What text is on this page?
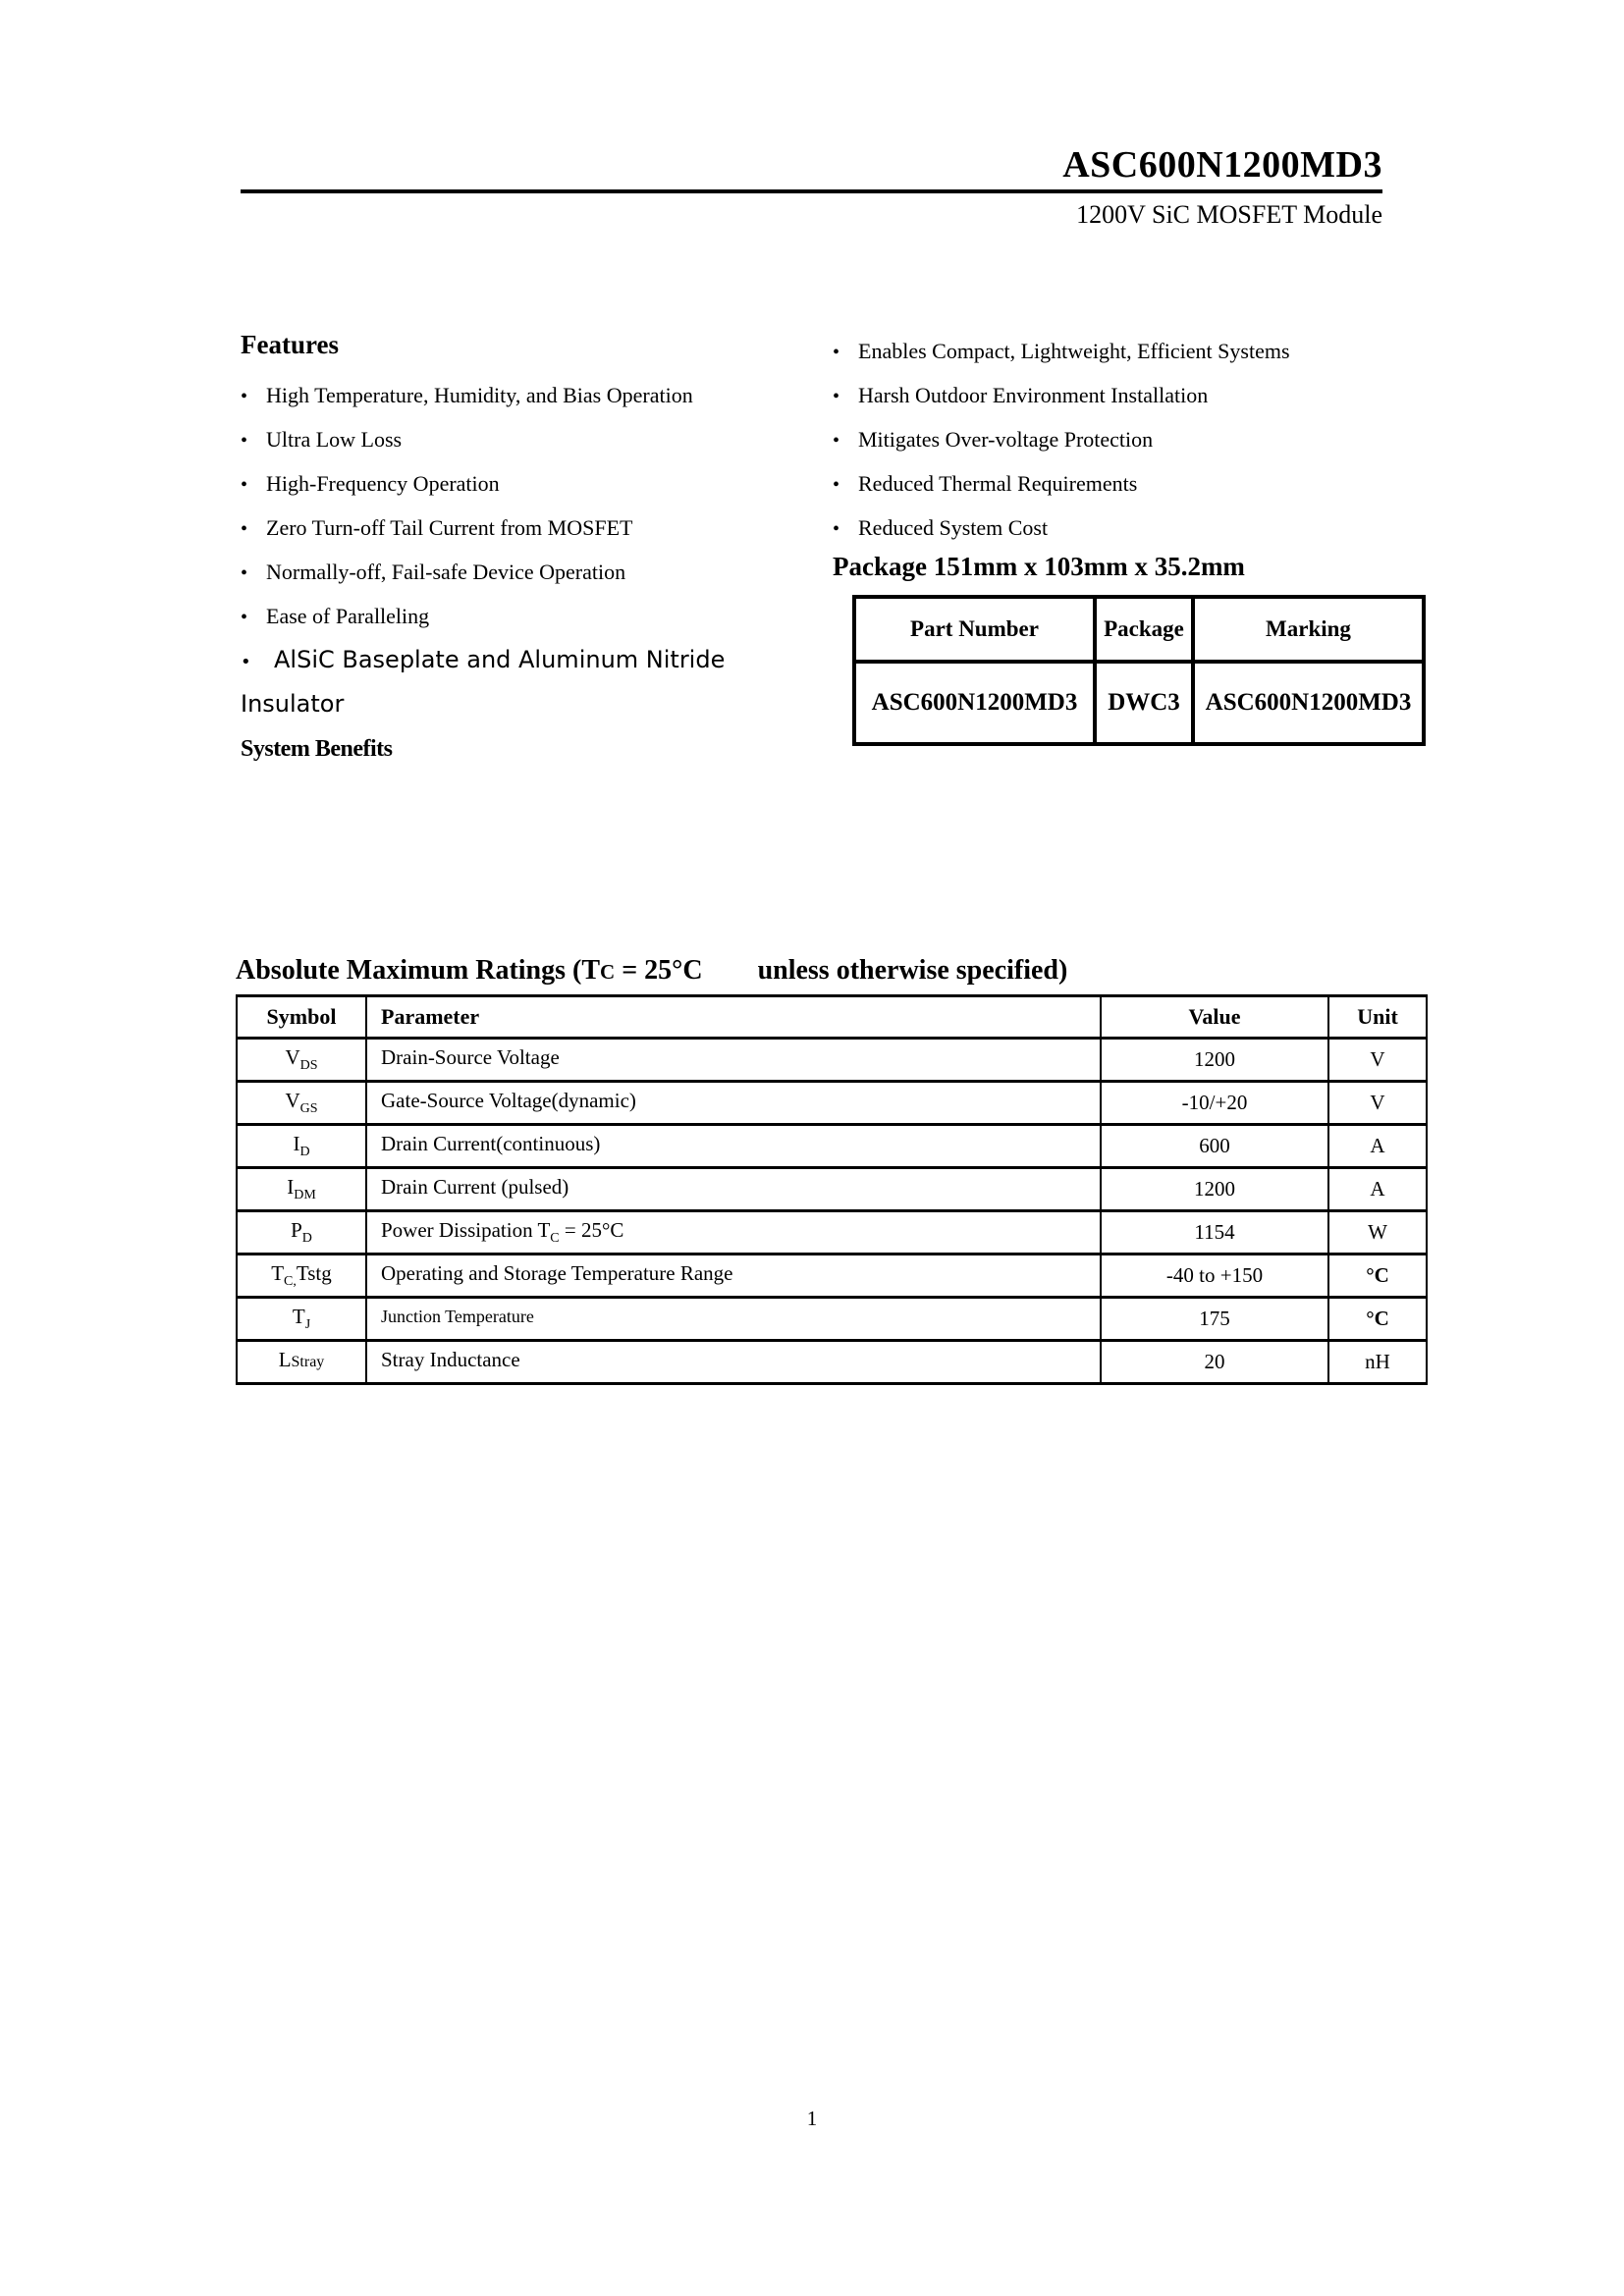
ASC600N1200MD3
1200V SiC MOSFET Module
Features
• High Temperature, Humidity, and Bias Operation
• Ultra Low Loss
• High-Frequency Operation
• Zero Turn-off Tail Current from MOSFET
• Normally-off, Fail-safe Device Operation
• Ease of Paralleling
• AlSiC Baseplate and Aluminum Nitride
Insulator
• Enables Compact, Lightweight, Efficient Systems
• Harsh Outdoor Environment Installation
• Mitigates Over-voltage Protection
• Reduced Thermal Requirements
• Reduced System Cost
Package 151mm x 103mm x 35.2mm
Part Number	Package	Marking
ASC600N1200MD3	DWC3	ASC600N1200MD3
System Benefits
Absolute Maximum Ratings (TC = 25°C unless otherwise specified)
Symbol	Parameter	Value	Unit
$V_{DS}$	Drain-Source Voltage	1200	V
$V_{GS}$	Gate-Source Voltage(dynamic)	-10/+20	V
$I_D$	Drain Current(continuous)	600	A
$I_{DM}$	Drain Current (pulsed)	1200	A
$P_D$	Power Dissipation $T_C = 25^\circ C$	1154	W
$T_{C,}Tstg$	Operating and Storage Temperature Range	-40 to +150	°C
$T_J$	Junction Temperature	175	°C
LStray	Stray Inductance	20	nH
1
